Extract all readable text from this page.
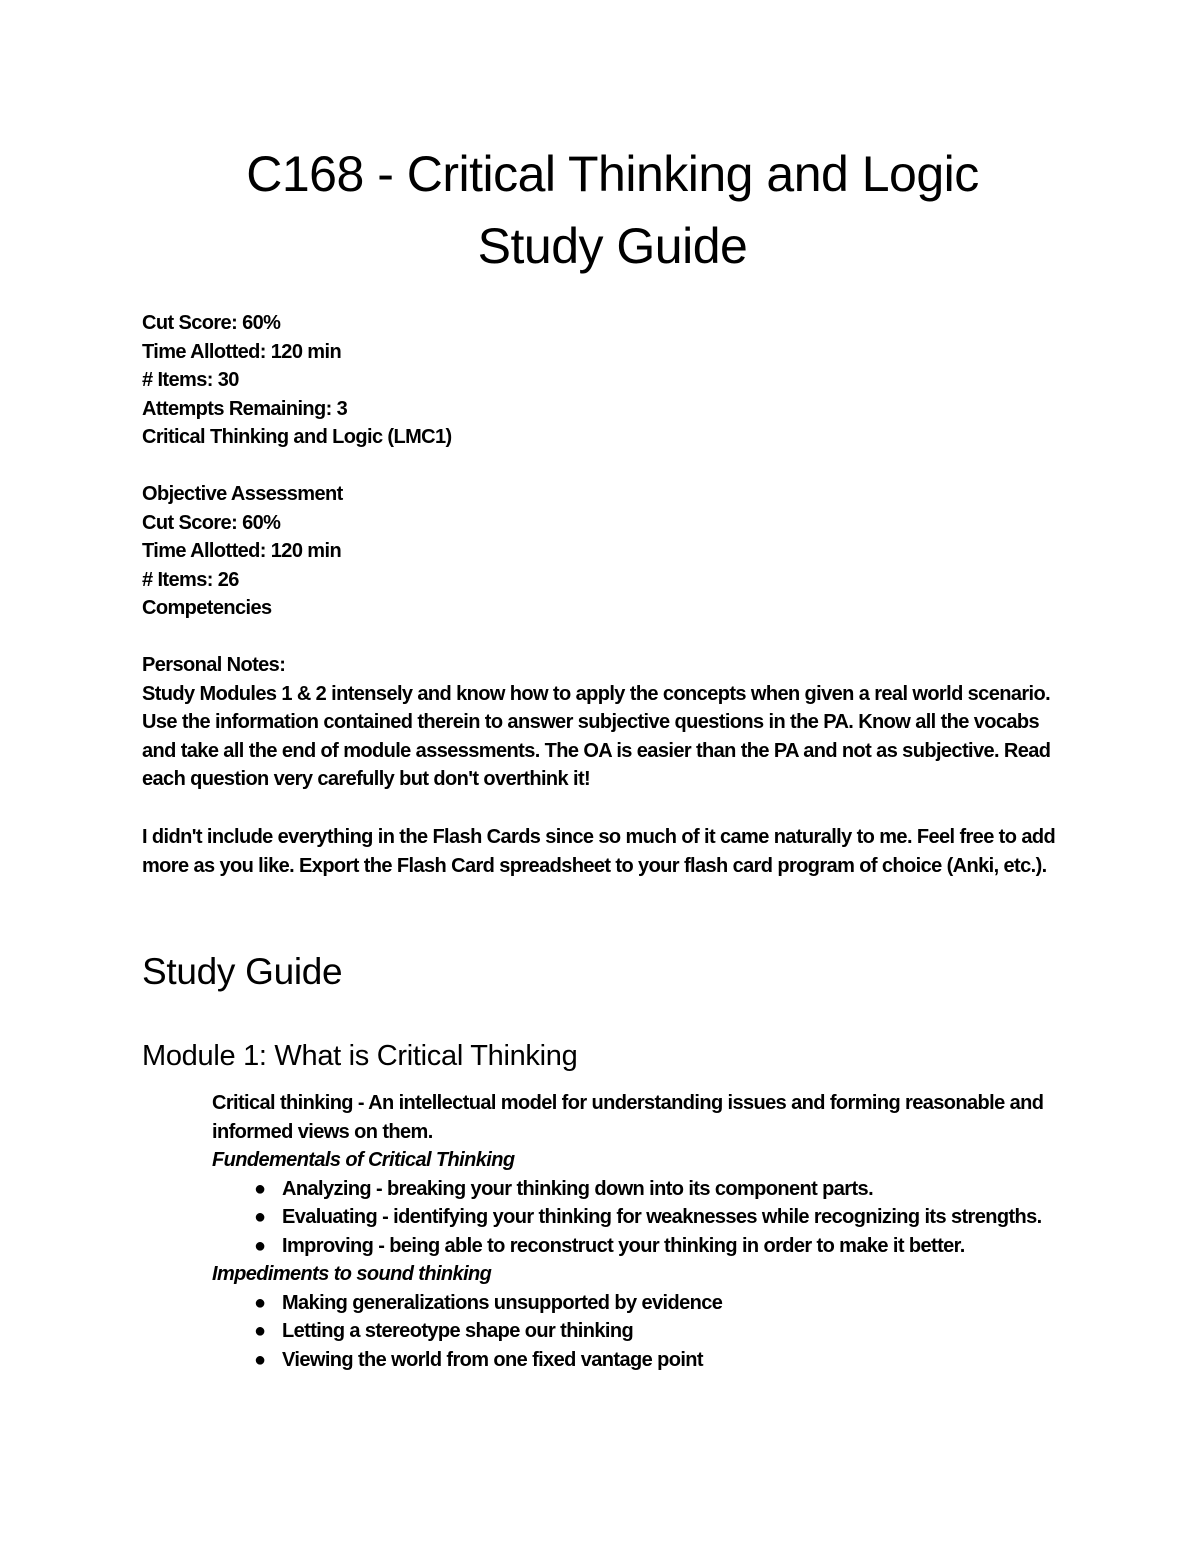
C168 - Critical Thinking and Logic
Study Guide
Cut Score: 60%
Time Allotted: 120 min
# Items: 30
Attempts Remaining: 3
Critical Thinking and Logic (LMC1)
Objective Assessment
Cut Score: 60%
Time Allotted: 120 min
# Items: 26
Competencies
Personal Notes:
Study Modules 1 & 2 intensely and know how to apply the concepts when given a real world scenario. Use the information contained therein to answer subjective questions in the PA. Know all the vocabs and take all the end of module assessments. The OA is easier than the PA and not as subjective. Read each question very carefully but don't overthink it!
I didn't include everything in the Flash Cards since so much of it came naturally to me. Feel free to add more as you like. Export the Flash Card spreadsheet to your flash card program of choice (Anki, etc.).
Study Guide
Module 1: What is Critical Thinking
Critical thinking - An intellectual model for understanding issues and forming reasonable and informed views on them.
Fundementals of Critical Thinking
● Analyzing - breaking your thinking down into its component parts.
● Evaluating - identifying your thinking for weaknesses while recognizing its strengths.
● Improving - being able to reconstruct your thinking in order to make it better.
Impediments to sound thinking
● Making generalizations unsupported by evidence
● Letting a stereotype shape our thinking
● Viewing the world from one fixed vantage point
